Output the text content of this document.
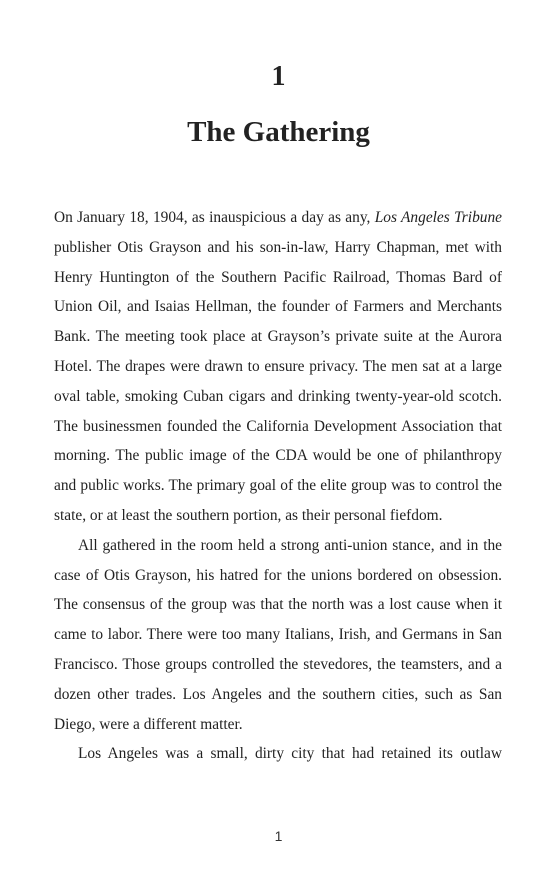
1
The Gathering

On January 18, 1904, as inauspicious a day as any, Los Angeles Tribune publisher Otis Grayson and his son-in-law, Harry Chapman, met with Henry Huntington of the Southern Pacific Railroad, Thomas Bard of Union Oil, and Isaias Hellman, the founder of Farmers and Merchants Bank. The meeting took place at Grayson’s private suite at the Aurora Hotel. The drapes were drawn to ensure privacy. The men sat at a large oval table, smoking Cuban cigars and drinking twenty-year-old scotch. The businessmen founded the California Development Association that morning. The public image of the CDA would be one of philanthropy and public works. The primary goal of the elite group was to control the state, or at least the southern portion, as their personal fiefdom.

All gathered in the room held a strong anti-union stance, and in the case of Otis Grayson, his hatred for the unions bordered on obsession. The consensus of the group was that the north was a lost cause when it came to labor. There were too many Italians, Irish, and Germans in San Francisco. Those groups controlled the stevedores, the teamsters, and a dozen other trades. Los Angeles and the southern cities, such as San Diego, were a different matter.

Los Angeles was a small, dirty city that had retained its outlaw

1
